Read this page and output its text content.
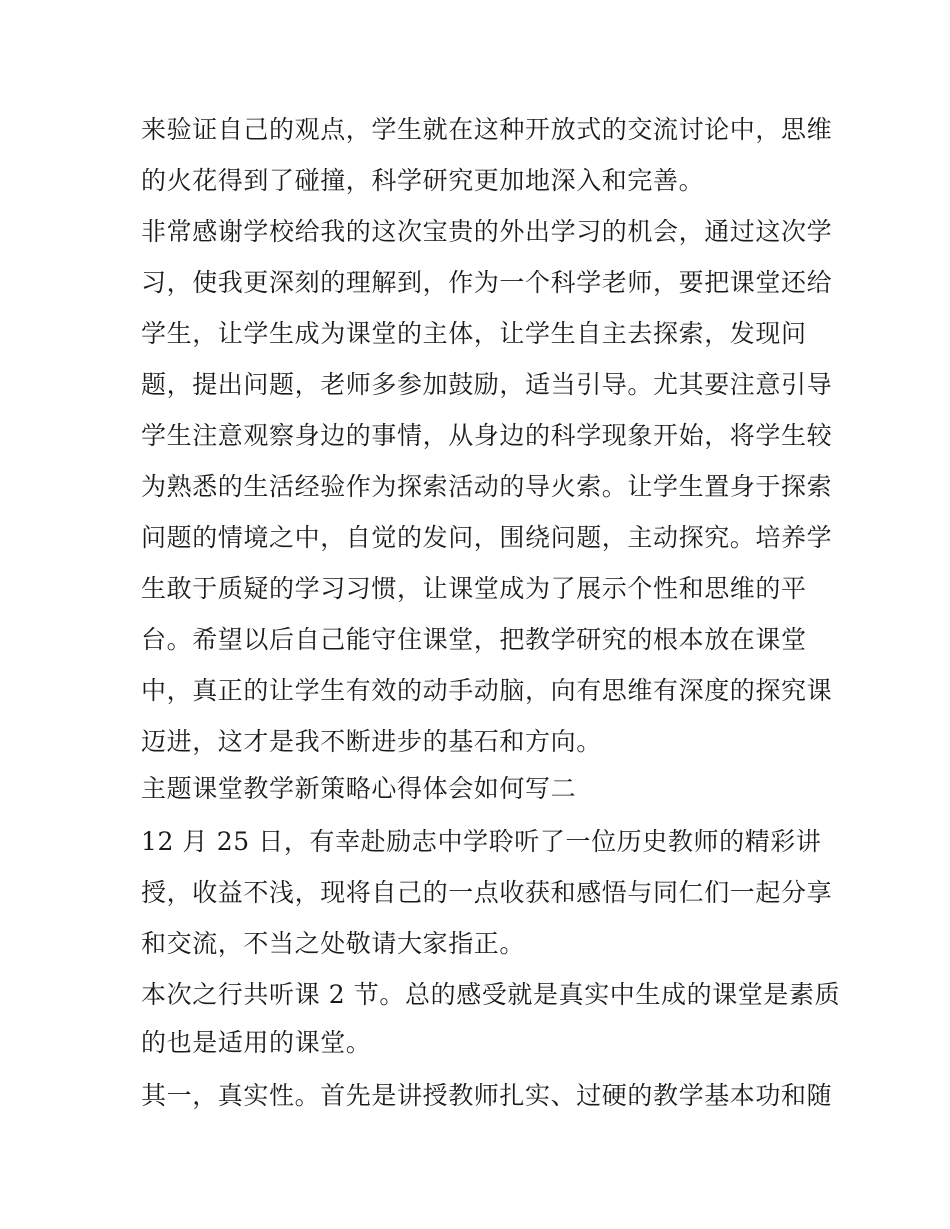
来验证自己的观点，学生就在这种开放式的交流讨论中，思维
的火花得到了碰撞，科学研究更加地深入和完善。
非常感谢学校给我的这次宝贵的外出学习的机会，通过这次学
习，使我更深刻的理解到，作为一个科学老师，要把课堂还给
学生，让学生成为课堂的主体，让学生自主去探索，发现问
题，提出问题，老师多参加鼓励，适当引导。尤其要注意引导
学生注意观察身边的事情，从身边的科学现象开始，将学生较
为熟悉的生活经验作为探索活动的导火索。让学生置身于探索
问题的情境之中，自觉的发问，围绕问题，主动探究。培养学
生敢于质疑的学习习惯，让课堂成为了展示个性和思维的平
台。希望以后自己能守住课堂，把教学研究的根本放在课堂
中，真正的让学生有效的动手动脑，向有思维有深度的探究课
迈进，这才是我不断进步的基石和方向。
主题课堂教学新策略心得体会如何写二
12 月 25 日，有幸赴励志中学聆听了一位历史教师的精彩讲
授，收益不浅，现将自己的一点收获和感悟与同仁们一起分享
和交流，不当之处敬请大家指正。
本次之行共听课 2 节。总的感受就是真实中生成的课堂是素质
的也是适用的课堂。
其一，真实性。首先是讲授教师扎实、过硬的教学基本功和随
